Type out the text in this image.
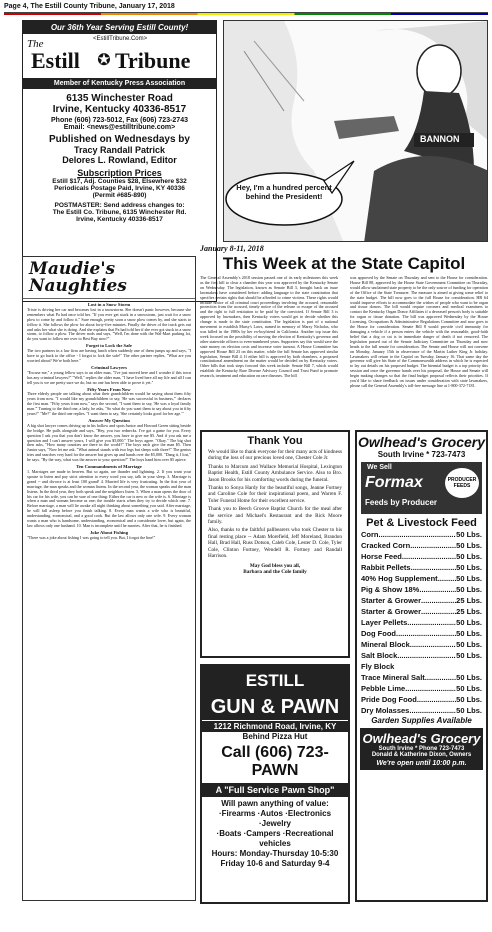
Page 4, The Estill County Tribune, January 17, 2018
Our 36th Year Serving Estill County!
The	<EstillTribune.Com>
Estill ✪ Tribune
Member of Kentucky Press Association
6135 Winchester Road
Irvine, Kentucky 40336-8517
Phone (606) 723-5012, Fax (606) 723-2743
Email: <news@estilltribune.com>
Published on Wednesdays by
Tracy Randall Patrick
Delores L. Rowland, Editor
Subscription Prices
Estill $17, Adj. Counties $28, Elsewhere $32
Periodicals Postage Paid, Irvine, KY 40336
(Permit #685-890)
POSTMASTER: Send address changes to:
The Estill Co. Tribune, 6135 Winchester Rd.
Irvine, Kentucky 40336-8517
BANNON
Hey, I'm a hundred percent behind the President!
Maudie's
Naughties
Lost in a Snow Storm

Trixie is driving her car and becomes lost in a snowstorm. She doesn't panic however, because she remembers what Pa had once told her. "If you ever get stuck in a snowstorm, just wait for a snow plow to come by and follow it." Sure enough, pretty soon a snow plow comes by, and she starts to follow it. She follows the plow for about forty-five minutes. Finally the driver of the truck gets out and asks her what she is doing. And she explains that Pa had told her if she ever got stuck in a snow storm, to follow a plow. The driver nods and says, "Well, I'm done with the Wal-Mart parking lot, do you want to follow me over to Best Buy now?"

Forget to Lock the Safe

The two partners in a law firm are having lunch when suddenly one of them jumps up and says, "I have to go back to the office - I forgot to lock the safe!" The other partner replies, "What are you worried about? We're both here."

Criminal Lawyers

"Excuse me," a young fellow says to an older man, "I've just moved here and I wonder if this town has any criminal lawyers?" "Well," replies the older man, "I have lived here all my life and all I can tell you is we are pretty sure we do, but no one has been able to prove it yet."

Fifty Years From Now

Three elderly people are talking about what their grandchildren would be saying about them fifty years from now. "I would like my grandchildren to say, 'He was successful in business,'" declares the first man. "Fifty years from now," says the second, "I want them to say, 'He was a loyal family man.'" Turning to the third one, a lady, he asks, "So what do you want them to say about you in fifty years?" "Me?" the third one replies. "I want them to say, 'She certainly looks good for her age.'"

Answer My Question

A big shot lawyer comes driving up in his hollow and spots Junior and Howard Green sitting beside the bridge. He pulls alongside and says, "Hey, you two rednecks. I've got a game for you. Every question I ask you that you don't know the answer, you have to give me $5. And if you ask me a question and I can't answer yours, I will give you $5,000." The boys agree. "Okay." The big shot then asks, "How many counties are there in the world?" The boys each give the man $5. Then Junior says, "Now let me ask. "What animal stands with two legs but sleeps with three?" The genius tries and searches very hard for the answer but gives up and hands over the $5,000. "Dang it, I lost," he says. "By the way, what was the answer to your question?" The boys hand him over $5 apiece.

Ten Commandments of Marriage

1. Marriages are made in heaven. But so again, are thunder and lightning. 2. If you want your spouse to listen and pay strict attention to every word you say, talk in your sleep. 3. Marriage is grand -- and divorce is at least 100 grand! 4. Married life is very frustrating. In the first year of marriage, the man speaks and the woman listens. In the second year, the woman speaks and the man listens. In the third year, they both speak and the neighbors listen. 5. When a man opens the door of his car for his wife, you can be sure of one thing: Either the car is new or the wife is. 6. Marriage is when a man and woman become as one; the trouble starts when they try to decide which one. 7. Before marriage, a man will lie awake all night thinking about something you said. After marriage, he will fall asleep before you finish talking. 8. Every man wants a wife who is beautiful, understanding, economical, and a good cook. But the law allows only one wife. 9. Every woman wants a man who is handsome, understanding, economical and a considerate lover, but again, the law allows only one husband. 10. Man is incomplete until he marries. After that, he is finished.

Joke About Fishing

"There was a joke about fishing I was going to tell you. But, I forgot the line!"

January 8-11, 2018
This Week at the State Capitol
The General Assembly's 2018 session passed one of its early milestones this week as the first bill to clear a chamber this year was approved by the Kentucky Senate on Wednesday. The legislation, known as Senate Bill 3, brought back an issue lawmakers have considered before: adding language to the state constitution that specifies certain rights that should be afforded to crime victims. These rights would include notice of all criminal court proceedings involving the accused, reasonable protection from the accused, timely notice of the release or escape of the accused and the right to full restitution to be paid by the convicted. If Senate Bill 3 is approved by lawmakers, then Kentucky voters would get to decide whether this change is made to the state constitution. The legislation is part of a national movement to establish Marsy's Laws, named in memory of Marsy Nicholas, who was killed in the 1980s by her ex-boyfriend in California. Another top issue this week focused on the possibility of moving the election of Kentucky's governor and other statewide officers to even-numbered years. Supporters say this would save the state money on election costs and increase voter turnout. A House Committee has approved House Bill 23 on this matter, while the full Senate has approved similar legislation, Senate Bill 4. If either bill is approved by both chambers, a proposed constitutional amendment on the matter would be decided on by Kentucky voters. Other bills that took steps forward this week include: Senate Bill 7, which would establish the Kentucky Rare Disease Advisory Council and Trust Fund to promote research, treatment and education on rare diseases. The bill
was approved by the Senate on Thursday and sent to the House for consideration. House Bill 88, approved by the House State Government Committee on Thursday, would allow unclaimed state property to be the only source of funding for operation of the Office of the State Treasurer. The measure is aimed at giving some relief to the state budget. The bill now goes to the full House for consideration. HB 64 would improve efforts to accommodate the wishes of people who want to be organ and tissue donors. The bill would require coroners and medical examiners to contact the Kentucky Organ Donor Affiliates if a deceased person's body is suitable for organ or tissue donation. The bill was approved Wednesday by the House Licensing, Occupations & Administrative Regulations Committee and now goes to the House for consideration. Senate Bill 8 would provide civil immunity for damaging a vehicle if a person enters the vehicle with the reasonable, good-faith belief that a dog or cat is in immediate danger of death if not removed. The legislation passed out of the Senate Judiciary Committee on Thursday and now heads to the full senate for consideration. The Senate and House will not convene on Monday, January 15th in observance of the Martin Luther King Jr. holiday. Lawmakers will return to the Capitol on Tuesday, January 16. That same day the governor will give his State of the Commonwealth address in which he is expected to lay out details on his proposed budget. The biennial budget is a top priority this session and once the governor hands over his proposal, the House and Senate will begin making changes so that the final budget proposal reflects their priorities. If you'd like to share feedback on issues under consideration with state lawmakers, please call the General Assembly's toll-free message line at 1-800-372-7181.
Thank You

We would like to thank everyone for their many acts of kindness during the loss of our precious loved one, Chester Cole Jr.

Thanks to Marcum and Wallace Memorial Hospital, Lexington Baptist Health, Estill County Ambulance Service. Also to Bro. Jason Brooks for his comforting words during the funeral.

Thanks to Sonya Hardy for the beautiful songs, Jeanne Fortney and Caroline Cole for their inspirational poem, and Warren F. Toler Funeral Home for their excellent service.

Thank you to Beech Groove Baptist Church for the meal after the service and Michael's Restaurant and the Rick Moore family.

Also, thanks to the faithful pallbearers who took Chester to his final resting place -- Adam Morefield, Jeff Moreland, Brandon Hall, Brad Hall, Russ Dotson, Caleb Cole, Lester D. Cole, Tyler Cole, Clinton Fortney, Wendell R. Fortney and Randall Harrison.

May God bless you all,

Barbara and the Cole family

ESTILL
GUN & PAWN
1212 Richmond Road, Irvine, KY
Behind Pizza Hut
Call (606) 723-PAWN
A "Full Service Pawn Shop"
Will pawn anything of value:
·Firearms ·Autos ·Electronics ·Jewelry
·Boats ·Campers ·Recreational vehicles
Hours: Monday-Thursday 10-5:30
Friday 10-6 and Saturday 9-4
Owlhead's Grocery
South Irvine * 723-7473
We Sell
Formax
Feeds by Producer
PRODUCER FEEDS
Pet & Livestock Feed
Corn .....	50 Lbs.
Cracked Corn .....	50 Lbs.
Horse Feed .....	50 Lbs.
Rabbit Pellets .....	50 Lbs.
40% Hog Supplement ..... 50 Lbs.
Pig & Show 18% .....	50 Lbs.
Starter & Grower .....	25 Lbs.
Starter & Grower .....	25 Lbs.
Layer Pellets .....	50 Lbs.
Dog Food .....	50 Lbs.
Mineral Block .....	50 Lbs.
Salt Block .....	50 Lbs.
Fly Block
Trace Mineral Salt .....	50 Lbs.
Pebble Lime .....	50 Lbs.
Pride Dog Food .....	50 Lbs.
Dry Molasses .....	50 Lbs.
Garden Supplies Available
Owlhead's Grocery
South Irvine * Phone 723-7473
Donald & Katherine Dixon, Owners
We're open until 10:00 p.m.
